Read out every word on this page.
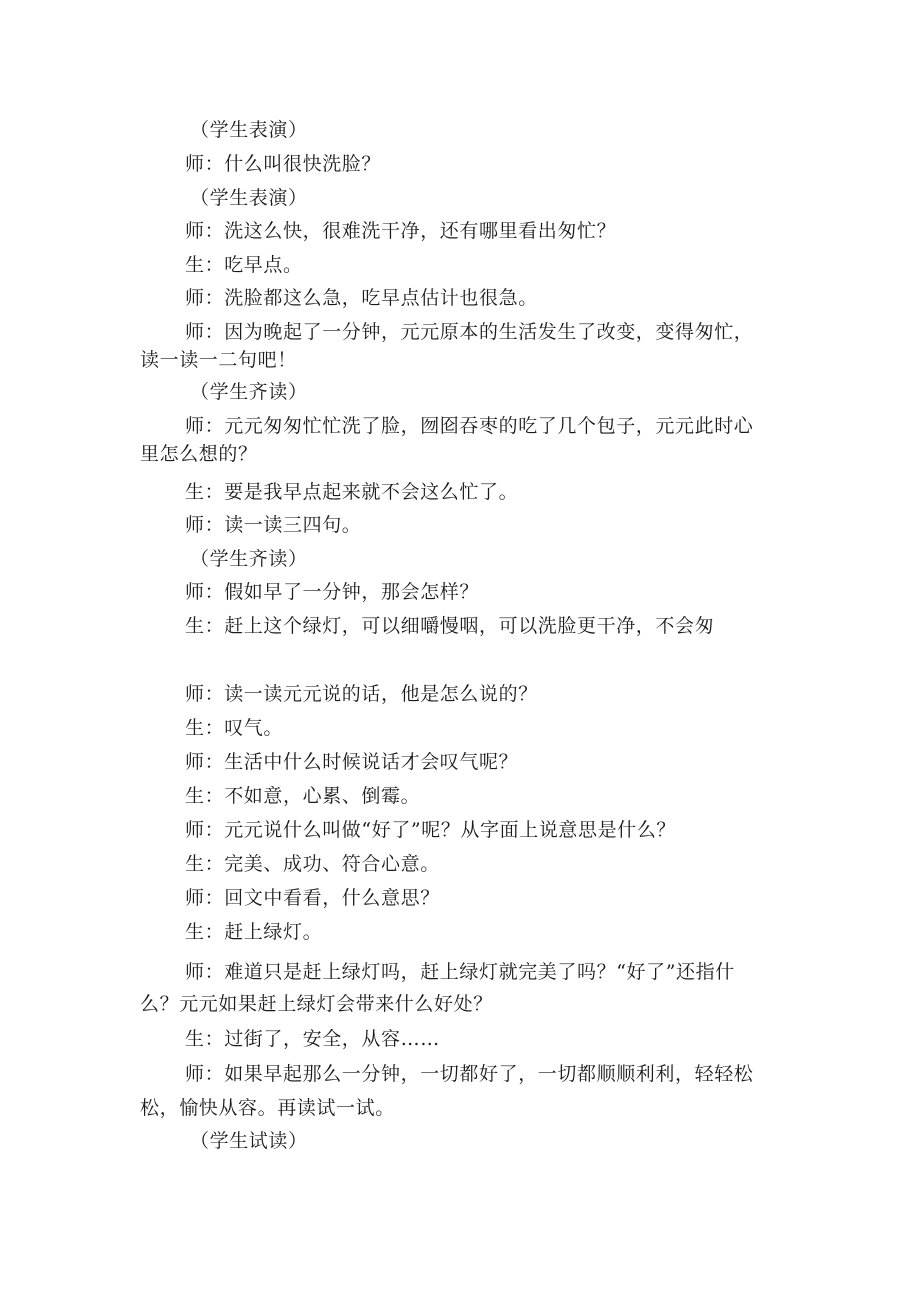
（学生表演）
师：什么叫很快洗脸？
（学生表演）
师：洗这么快，很难洗干净，还有哪里看出匆忙？
生：吃早点。
师：洗脸都这么急，吃早点估计也很急。
师：因为晚起了一分钟，元元原本的生活发生了改变，变得匆忙，
读一读一二句吧！
（学生齐读）
师：元元匆匆忙忙洗了脸，囫囵吞枣的吃了几个包子，元元此时心
里怎么想的？
生：要是我早点起来就不会这么忙了。
师：读一读三四句。
（学生齐读）
师：假如早了一分钟，那会怎样？
生：赶上这个绿灯，可以细嚼慢咽，可以洗脸更干净，不会匆
师：读一读元元说的话，他是怎么说的？
生：叹气。
师：生活中什么时候说话才会叹气呢？
生：不如意，心累、倒霉。
师：元元说什么叫做“好了”呢？从字面上说意思是什么？
生：完美、成功、符合心意。
师：回文中看看，什么意思？
生：赶上绿灯。
师：难道只是赶上绿灯吗，赶上绿灯就完美了吗？“好了”还指什
么？元元如果赶上绿灯会带来什么好处？
生：过街了，安全，从容……
师：如果早起那么一分钟，一切都好了，一切都顺顺利利，轻轻松
松，愉快从容。再读试一试。
（学生试读）
